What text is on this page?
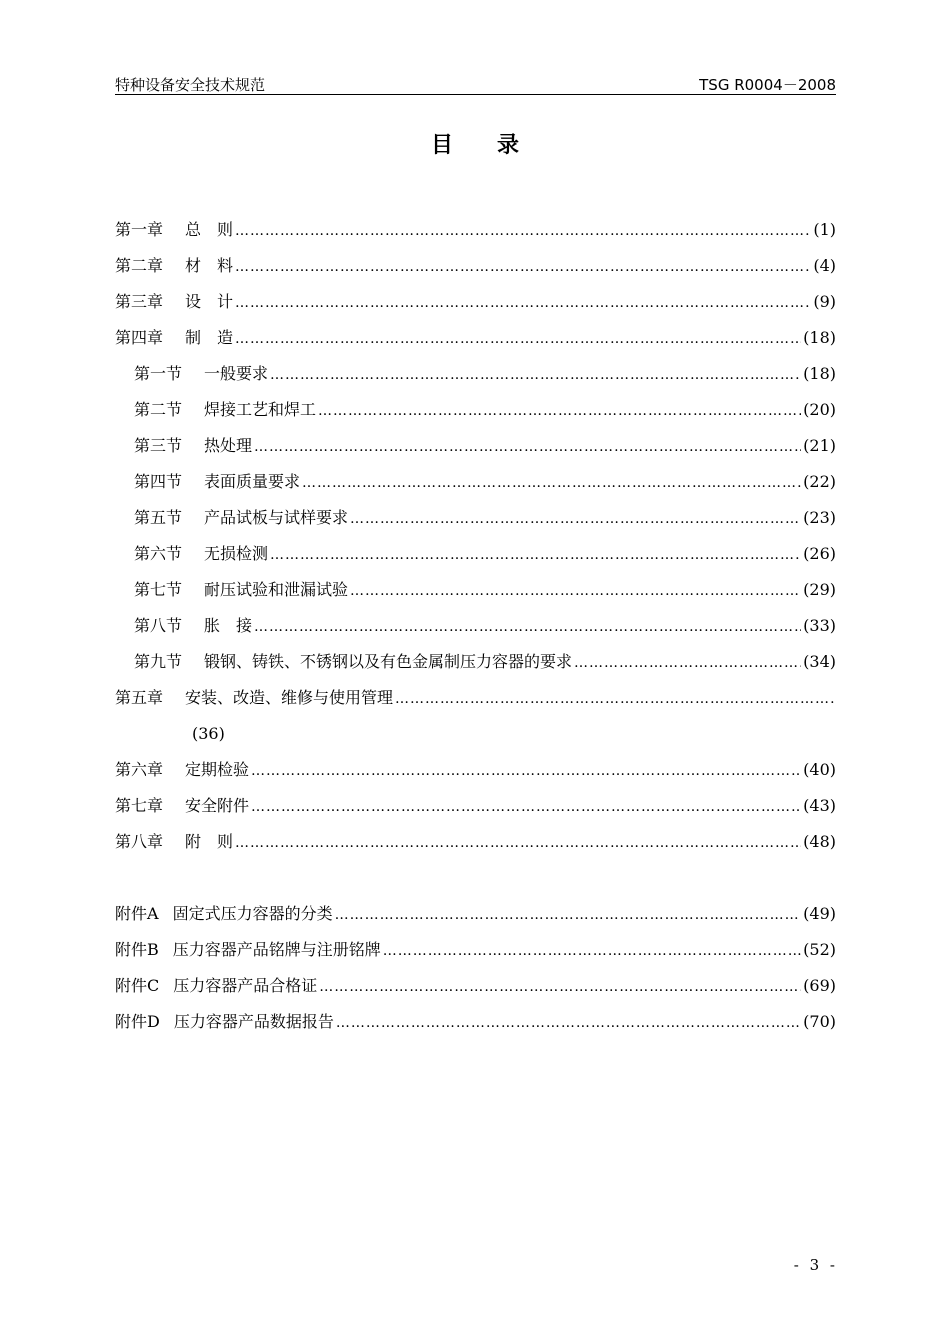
特种设备安全技术规范	TSG R0004－2008
目 录
第一章 总　则 …………………………………………………………………………………………………………………………………………………………………………………………………………	(1)
第二章 材　料 …………………………………………………………………………………………………………………………………………………………………………………………………………	(4)
第三章 设　计 …………………………………………………………………………………………………………………………………………………………………………………………………………	(9)
第四章 制　造 …………………………………………………………………………………………………………………………………………………………………………………………………………	(18)
第一节 一般要求 …………………………………………………………………………………………………………………………………………………………………………………………………………	(18)
第二节 焊接工艺和焊工 …………………………………………………………………………………………………………………………………………………………………………………………………………	(20)
第三节 热处理 …………………………………………………………………………………………………………………………………………………………………………………………………………	(21)
第四节 表面质量要求 …………………………………………………………………………………………………………………………………………………………………………………………………………	(22)
第五节 产品试板与试样要求 …………………………………………………………………………………………………………………………………………………………………………………………………………	(23)
第六节 无损检测 …………………………………………………………………………………………………………………………………………………………………………………………………………	(26)
第七节 耐压试验和泄漏试验 …………………………………………………………………………………………………………………………………………………………………………………………………………	(29)
第八节 胀　接 …………………………………………………………………………………………………………………………………………………………………………………………………………	(33)
第九节 锻钢、铸铁、不锈钢以及有色金属制压力容器的要求 …………………………………………………………………………………………………………………………………………………………………………………………………………	(34)
第五章 安装、改造、维修与使用管理
…………………………………………………………………………………………………………………………………………………………………………………………………………
(36)
第六章 定期检验 …………………………………………………………………………………………………………………………………………………………………………………………………………	(40)
第七章 安全附件 …………………………………………………………………………………………………………………………………………………………………………………………………………	(43)
第八章 附　则 …………………………………………………………………………………………………………………………………………………………………………………………………………	(48)
附件A 固定式压力容器的分类 …………………………………………………………………………………………………………………………………………………………………………………………………………	(49)
附件B 压力容器产品铭牌与注册铭牌 …………………………………………………………………………………………………………………………………………………………………………………………………………	(52)
附件C 压力容器产品合格证 …………………………………………………………………………………………………………………………………………………………………………………………………………	(69)
附件D 压力容器产品数据报告 …………………………………………………………………………………………………………………………………………………………………………………………………………	(70)
- 3 -
